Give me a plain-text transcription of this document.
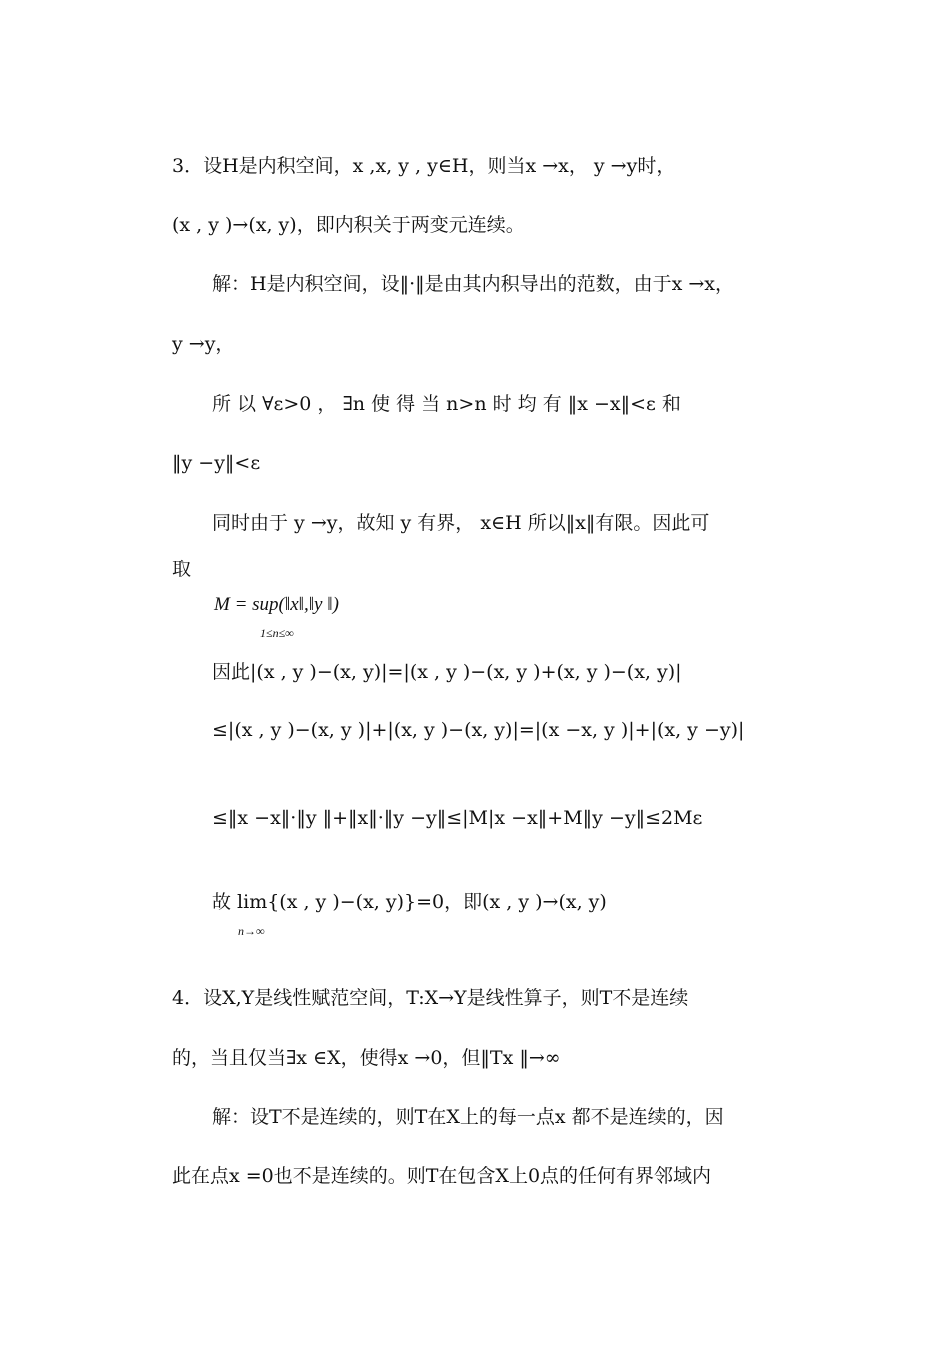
3．设H是内积空间，x ,x, y , y∈H，则当x →x， y →y时，
(x , y )→(x, y)，即内积关于两变元连续。
解：H是内积空间，设‖·‖是由其内积导出的范数，由于x →x，
y →y，
所 以 ∀ε>0 ， ∃n 使 得 当 n>n 时 均 有 ‖x −x‖<ε 和
‖y −y‖<ε
同时由于 y →y，故知 y 有界， x∈H 所以‖x‖有限。因此可
取
M = sup(‖x‖,‖y ‖)
1≤n≤∞
因此|(x , y )−(x, y)|=|(x , y )−(x, y )+(x, y )−(x, y)|
≤|(x , y )−(x, y )|+|(x, y )−(x, y)|=|(x −x, y )|+|(x, y −y)|
≤‖x −x‖·‖y ‖+‖x‖·‖y −y‖≤|M|x −x‖+M‖y −y‖≤2Mε
故 lim{(x , y )−(x, y)}=0，即(x , y )→(x, y)
n→∞
4．设X,Y是线性赋范空间，T:X→Y是线性算子，则T不是连续
的，当且仅当∃x ∈X，使得x →0，但‖Tx ‖→∞
解：设T不是连续的，则T在X上的每一点x 都不是连续的，因
此在点x =0也不是连续的。则T在包含X上0点的任何有界邻域内
